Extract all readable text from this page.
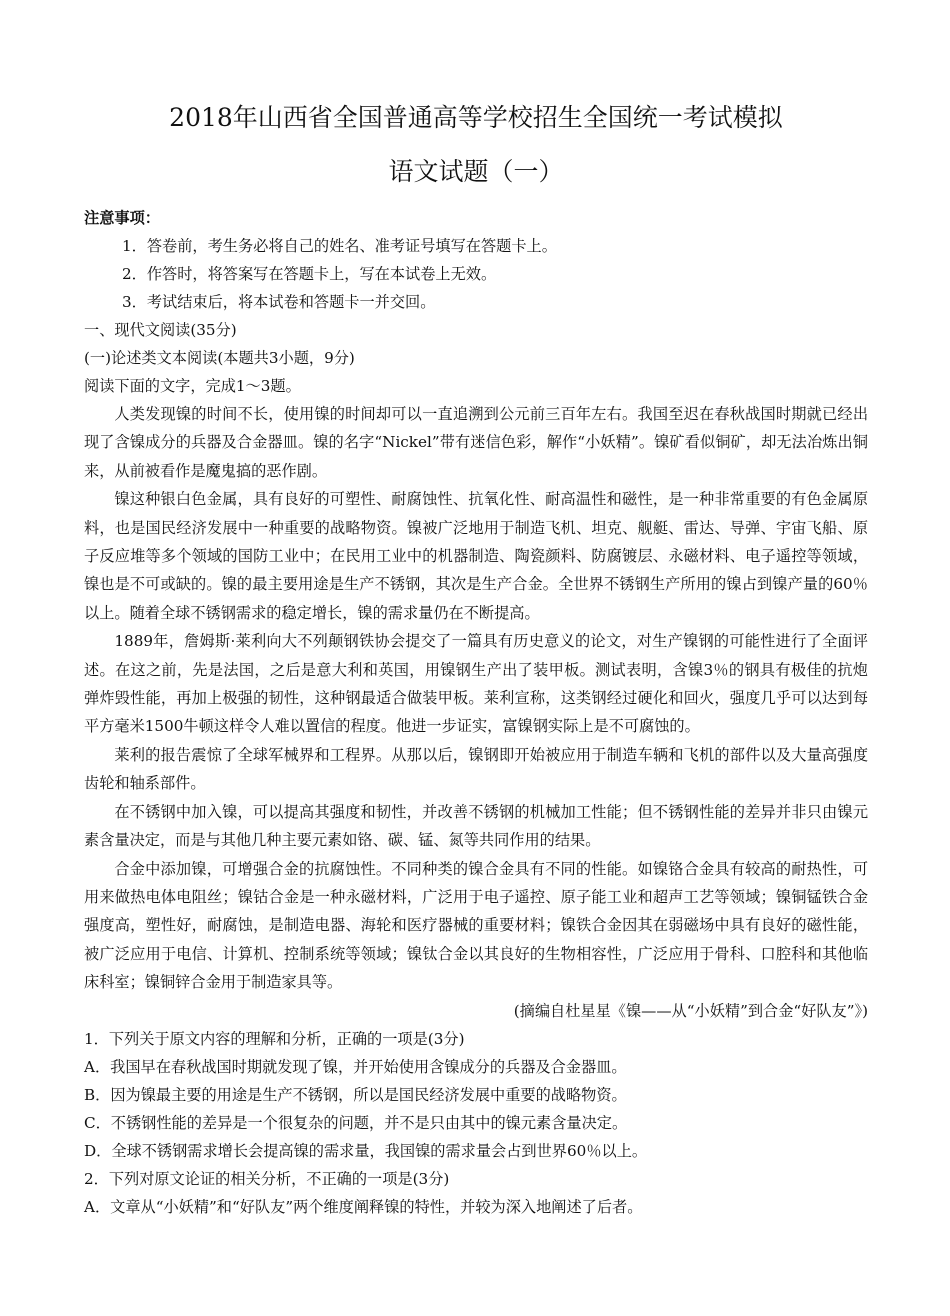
2018年山西省全国普通高等学校招生全国统一考试模拟
语文试题（一）

注意事项：

1．答卷前，考生务必将自己的姓名、准考证号填写在答题卡上。

2．作答时，将答案写在答题卡上，写在本试卷上无效。

3．考试结束后，将本试卷和答题卡一并交回。

一、现代文阅读(35分)

(一)论述类文本阅读(本题共3小题，9分)

阅读下面的文字，完成1～3题。

人类发现镍的时间不长，使用镍的时间却可以一直追溯到公元前三百年左右。我国至迟在春秋战国时期就已经出现了含镍成分的兵器及合金器皿。镍的名字“Nickel”带有迷信色彩，解作“小妖精”。镍矿看似铜矿，却无法冶炼出铜来，从前被看作是魔鬼搞的恶作剧。

镍这种银白色金属，具有良好的可塑性、耐腐蚀性、抗氧化性、耐高温性和磁性，是一种非常重要的有色金属原料，也是国民经济发展中一种重要的战略物资。镍被广泛地用于制造飞机、坦克、舰艇、雷达、导弹、宇宙飞船、原子反应堆等多个领域的国防工业中；在民用工业中的机器制造、陶瓷颜料、防腐镀层、永磁材料、电子遥控等领域，镍也是不可或缺的。镍的最主要用途是生产不锈钢，其次是生产合金。全世界不锈钢生产所用的镍占到镍产量的60％以上。随着全球不锈钢需求的稳定增长，镍的需求量仍在不断提高。

1889年，詹姆斯·莱利向大不列颠钢铁协会提交了一篇具有历史意义的论文，对生产镍钢的可能性进行了全面评述。在这之前，先是法国，之后是意大利和英国，用镍钢生产出了装甲板。测试表明，含镍3％的钢具有极佳的抗炮弹炸毁性能，再加上极强的韧性，这种钢最适合做装甲板。莱利宣称，这类钢经过硬化和回火，强度几乎可以达到每平方毫米1500牛顿这样令人难以置信的程度。他进一步证实，富镍钢实际上是不可腐蚀的。

莱利的报告震惊了全球军械界和工程界。从那以后，镍钢即开始被应用于制造车辆和飞机的部件以及大量高强度齿轮和轴系部件。

在不锈钢中加入镍，可以提高其强度和韧性，并改善不锈钢的机械加工性能；但不锈钢性能的差异并非只由镍元素含量决定，而是与其他几种主要元素如铬、碳、锰、氮等共同作用的结果。

合金中添加镍，可增强合金的抗腐蚀性。不同种类的镍合金具有不同的性能。如镍铬合金具有较高的耐热性，可用来做热电体电阻丝；镍钴合金是一种永磁材料，广泛用于电子遥控、原子能工业和超声工艺等领域；镍铜锰铁合金强度高，塑性好，耐腐蚀，是制造电器、海轮和医疗器械的重要材料；镍铁合金因其在弱磁场中具有良好的磁性能，被广泛应用于电信、计算机、控制系统等领域；镍钛合金以其良好的生物相容性，广泛应用于骨科、口腔科和其他临床科室；镍铜锌合金用于制造家具等。

(摘编自杜星星《镍——从“小妖精”到合金“好队友”》)

1．下列关于原文内容的理解和分析，正确的一项是(3分)

A．我国早在春秋战国时期就发现了镍，并开始使用含镍成分的兵器及合金器皿。

B．因为镍最主要的用途是生产不锈钢，所以是国民经济发展中重要的战略物资。

C．不锈钢性能的差异是一个很复杂的问题，并不是只由其中的镍元素含量决定。

D．全球不锈钢需求增长会提高镍的需求量，我国镍的需求量会占到世界60％以上。

2．下列对原文论证的相关分析，不正确的一项是(3分)

A．文章从“小妖精”和“好队友”两个维度阐释镍的特性，并较为深入地阐述了后者。
